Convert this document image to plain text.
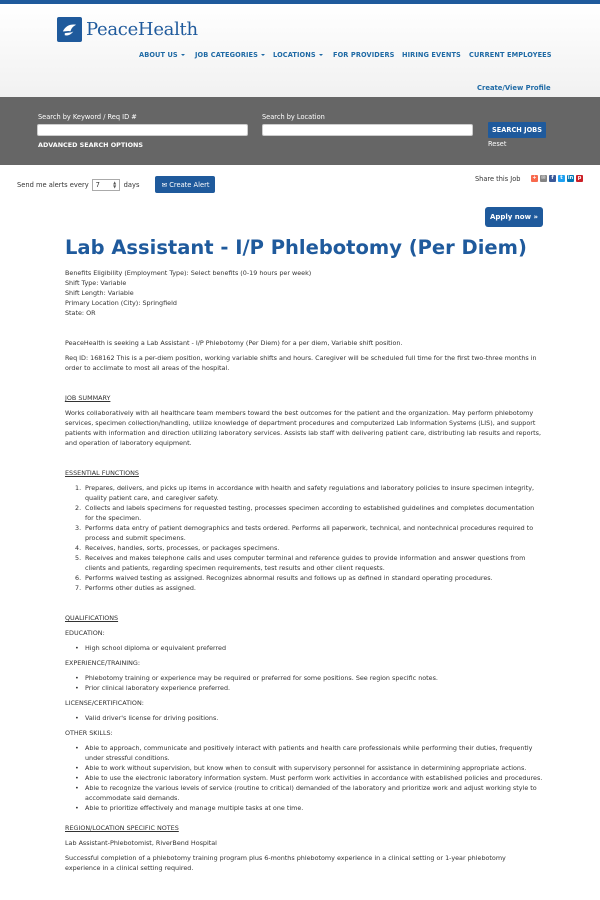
PeaceHealth
ABOUT US	JOB CATEGORIES	LOCATIONS	FOR PROVIDERS HIRING EVENTS CURRENT EMPLOYEES
Create/View Profile
Search by Keyword / Req ID #	Search by Location
ADVANCED SEARCH OPTIONS
SEARCH JOBS
Reset
Send me alerts every 7	▲
▼ days	✉ Create Alert
Share this Job + ✉	f	t	in p
Apply now »
Lab Assistant - I/P Phlebotomy (Per Diem)
Benefits Eligibility (Employment Type): Select benefits (0-19 hours per week)
Shift Type: Variable
Shift Length: Variable
Primary Location (City): Springfield
State: OR

PeaceHealth is seeking a Lab Assistant - I/P Phlebotomy (Per Diem) for a per diem, Variable shift position.

Req ID: 168162 This is a per-diem position, working variable shifts and hours. Caregiver will be scheduled full time for the first two-three months in order to acclimate to most all areas of the hospital.

JOB SUMMARY

Works collaboratively with all healthcare team members toward the best outcomes for the patient and the organization. May perform phlebotomy services, specimen collection/handling, utilize knowledge of department procedures and computerized Lab Information Systems (LIS), and support patients with information and direction utilizing laboratory services. Assists lab staff with delivering patient care, distributing lab results and reports, and operation of laboratory equipment.

ESSENTIAL FUNCTIONS

1. Prepares, delivers, and picks up items in accordance with health and safety regulations and laboratory policies to insure specimen integrity, quality patient care, and caregiver safety.
2. Collects and labels specimens for requested testing, processes specimen according to established guidelines and completes documentation for the specimen.
3. Performs data entry of patient demographics and tests ordered. Performs all paperwork, technical, and nontechnical procedures required to process and submit specimens.
4. Receives, handles, sorts, processes, or packages specimens.
5. Receives and makes telephone calls and uses computer terminal and reference guides to provide information and answer questions from clients and patients, regarding specimen requirements, test results and other client requests.
6. Performs waived testing as assigned. Recognizes abnormal results and follows up as defined in standard operating procedures.
7. Performs other duties as assigned.

QUALIFICATIONS

EDUCATION:

• High school diploma or equivalent preferred

EXPERIENCE/TRAINING:

• Phlebotomy training or experience may be required or preferred for some positions. See region specific notes.
• Prior clinical laboratory experience preferred.

LICENSE/CERTIFICATION:

• Valid driver's license for driving positions.

OTHER SKILLS:

• Able to approach, communicate and positively interact with patients and health care professionals while performing their duties, frequently under stressful conditions.
• Able to work without supervision, but know when to consult with supervisory personnel for assistance in determining appropriate actions.
• Able to use the electronic laboratory information system. Must perform work activities in accordance with established policies and procedures.
• Able to recognize the various levels of service (routine to critical) demanded of the laboratory and prioritize work and adjust working style to accommodate said demands.
• Able to prioritize effectively and manage multiple tasks at one time.

REGION/LOCATION SPECIFIC NOTES

Lab Assistant-Phlebotomist, RiverBend Hospital

Successful completion of a phlebotomy training program plus 6-months phlebotomy experience in a clinical setting or 1-year phlebotomy experience in a clinical setting required.
